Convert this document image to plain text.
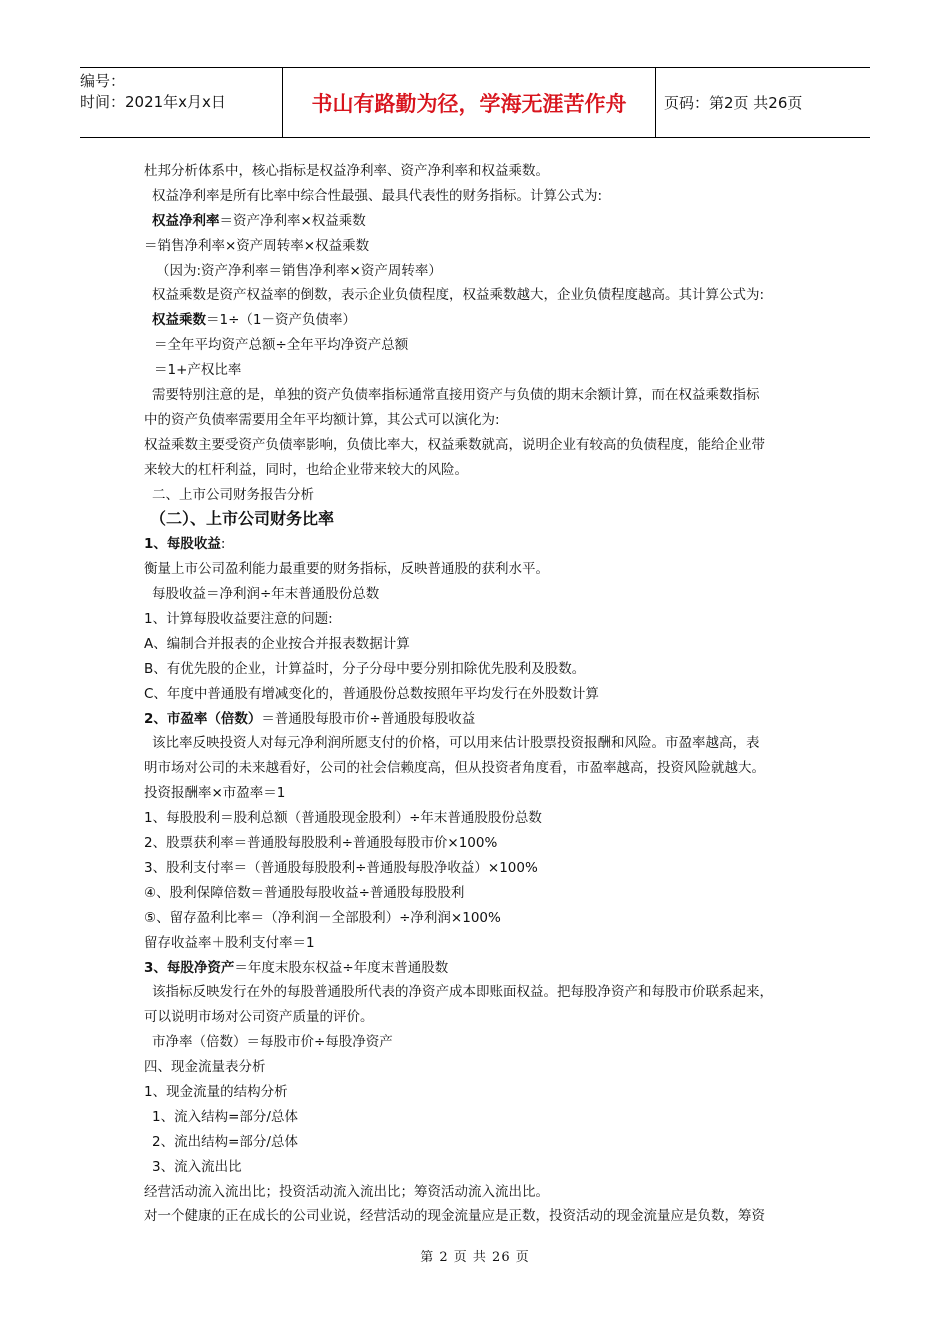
编号：
时间：2021年x月x日	书山有路勤为径，学海无涯苦作舟	页码：第2页 共26页
杜邦分析体系中，核心指标是权益净利率、资产净利率和权益乘数。
权益净利率是所有比率中综合性最强、最具代表性的财务指标。计算公式为:
权益净利率＝资产净利率×权益乘数
＝销售净利率×资产周转率×权益乘数
（因为:资产净利率＝销售净利率×资产周转率）
权益乘数是资产权益率的倒数，表示企业负债程度，权益乘数越大，企业负债程度越高。其计算公式为:
权益乘数＝1÷（1－资产负债率）
＝全年平均资产总额÷全年平均净资产总额
＝1+产权比率
需要特别注意的是，单独的资产负债率指标通常直接用资产与负债的期末余额计算，而在权益乘数指标
中的资产负债率需要用全年平均额计算，其公式可以演化为:
权益乘数主要受资产负债率影响，负债比率大，权益乘数就高，说明企业有较高的负债程度，能给企业带
来较大的杠杆利益，同时，也给企业带来较大的风险。
二、上市公司财务报告分析
（二）、上市公司财务比率
1、每股收益:
衡量上市公司盈利能力最重要的财务指标，反映普通股的获利水平。
每股收益＝净利润÷年末普通股份总数
1、计算每股收益要注意的问题:
A、编制合并报表的企业按合并报表数据计算
B、有优先股的企业，计算益时，分子分母中要分别扣除优先股利及股数。
C、年度中普通股有增减变化的，普通股份总数按照年平均发行在外股数计算
2、市盈率（倍数）＝普通股每股市价÷普通股每股收益
该比率反映投资人对每元净利润所愿支付的价格，可以用来估计股票投资报酬和风险。市盈率越高，表
明市场对公司的未来越看好，公司的社会信赖度高，但从投资者角度看，市盈率越高，投资风险就越大。
投资报酬率×市盈率＝1
1、每股股利＝股利总额（普通股现金股利）÷年末普通股股份总数
2、股票获利率＝普通股每股股利÷普通股每股市价×100%
3、股利支付率＝（普通股每股股利÷普通股每股净收益）×100%
④、股利保障倍数＝普通股每股收益÷普通股每股股利
⑤、留存盈利比率＝（净利润－全部股利）÷净利润×100%
留存收益率＋股利支付率＝1
3、每股净资产＝年度末股东权益÷年度末普通股数
该指标反映发行在外的每股普通股所代表的净资产成本即账面权益。把每股净资产和每股市价联系起来，
可以说明市场对公司资产质量的评价。
市净率（倍数）＝每股市价÷每股净资产
四、现金流量表分析
1、现金流量的结构分析
1、流入结构=部分/总体
2、流出结构=部分/总体
3、流入流出比
经营活动流入流出比；投资活动流入流出比；筹资活动流入流出比。
对一个健康的正在成长的公司业说，经营活动的现金流量应是正数，投资活动的现金流量应是负数，筹资
第 2 页 共 26 页
